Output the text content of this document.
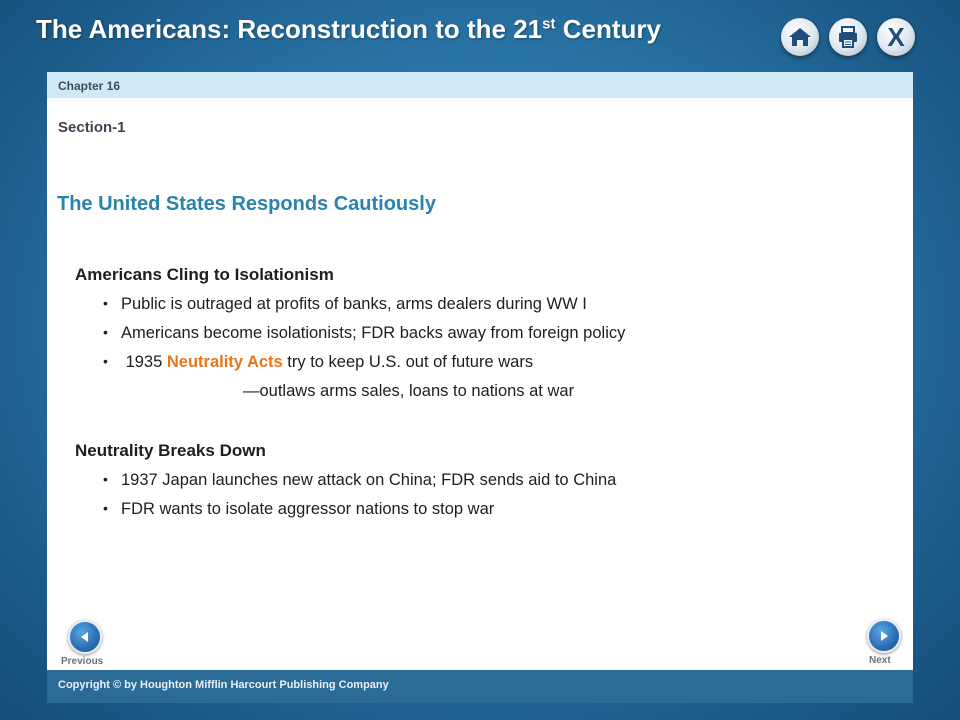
The Americans: Reconstruction to the 21st Century	X
Chapter 16
Section-1
The United States Responds Cautiously
Americans Cling to Isolationism
• Public is outraged at profits of banks, arms dealers during WW I
• Americans become isolationists; FDR backs away from foreign policy
•  1935 Neutrality Acts try to keep U.S. out of future wars
—outlaws arms sales, loans to nations at war
Neutrality Breaks Down
• 1937 Japan launches new attack on China; FDR sends aid to China
• FDR wants to isolate aggressor nations to stop war
Previous	Next
Copyright © by Houghton Mifflin Harcourt Publishing Company
